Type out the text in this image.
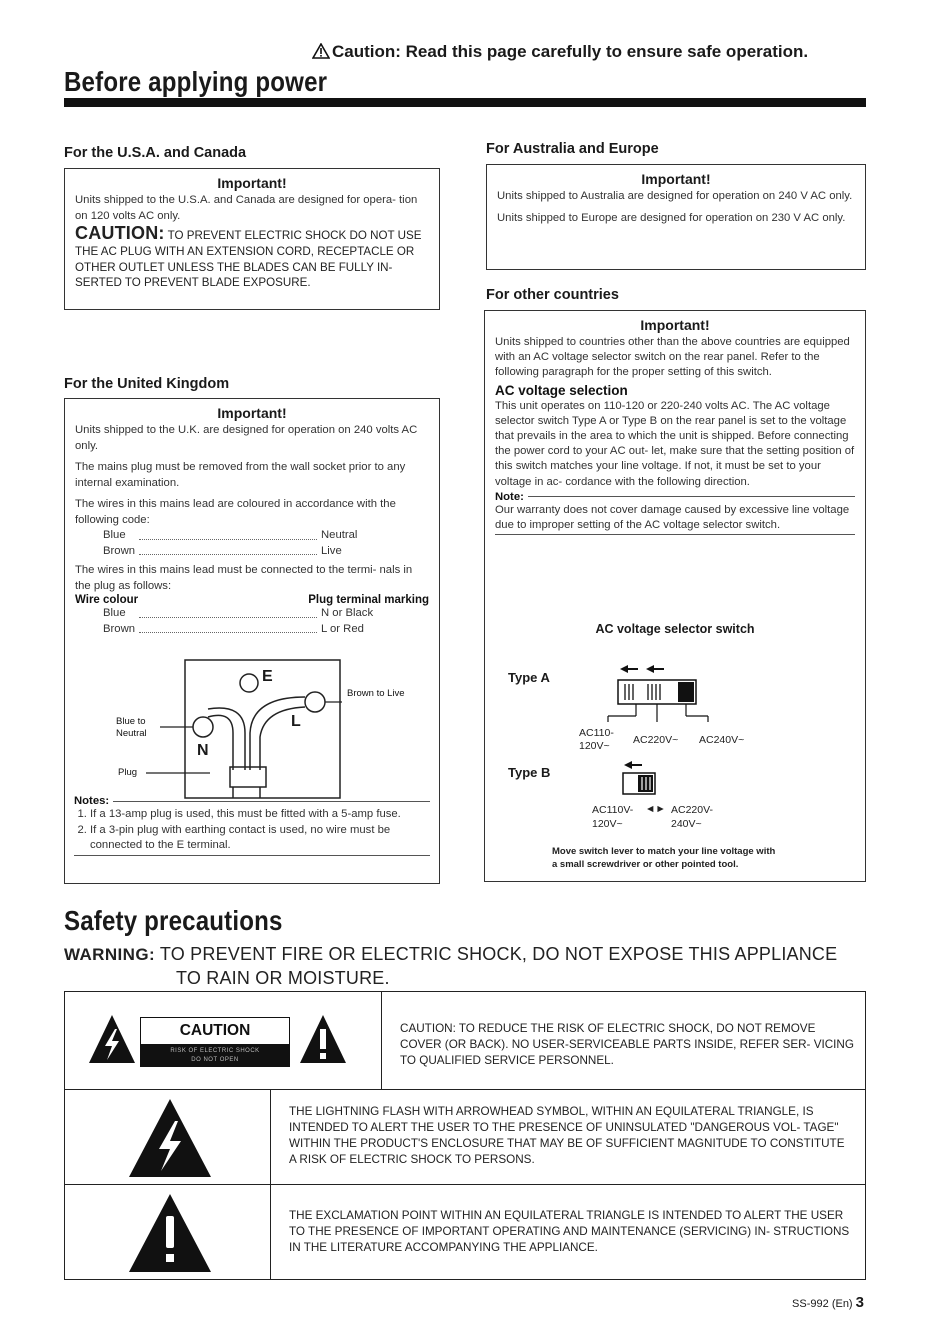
Caution: Read this page carefully to ensure safe operation.
Before applying power
For the U.S.A. and Canada
Important!

Units shipped to the U.S.A. and Canada are designed for opera- tion on 120 volts AC only.

CAUTION: TO PREVENT ELECTRIC SHOCK DO NOT USE THE AC PLUG WITH AN EXTENSION CORD, RECEPTACLE OR OTHER OUTLET UNLESS THE BLADES CAN BE FULLY IN- SERTED TO PREVENT BLADE EXPOSURE.
For the United Kingdom
Important!

Units shipped to the U.K. are designed for operation on 240 volts AC only.

The mains plug must be removed from the wall socket prior to any internal examination.

The wires in this mains lead are coloured in accordance with the following code:

Blue	Neutral
Brown	Live

The wires in this mains lead must be connected to the termi- nals in the plug as follows:

Wire colour	Plug terminal marking
Blue	N or Black
Brown	L or Red
E
L
N
Brown to Live
Blue to Neutral
Plug
Notes:
1. If a 13-amp plug is used, this must be fitted with a 5-amp fuse.
2. If a 3-pin plug with earthing contact is used, no wire must be connected to the E terminal.
For Australia and Europe
Important!

Units shipped to Australia are designed for operation on 240 V AC only.

Units shipped to Europe are designed for operation on 230 V AC only.

For other countries
Important!

Units shipped to countries other than the above countries are equipped with an AC voltage selector switch on the rear panel. Refer to the following paragraph for the proper setting of this switch.

AC voltage selection

This unit operates on 110-120 or 220-240 volts AC. The AC voltage selector switch Type A or Type B on the rear panel is set to the voltage that prevails in the area to which the unit is shipped. Before connecting the power cord to your AC out- let, make sure that the setting position of this switch matches your line voltage. If not, it must be set to your voltage in ac- cordance with the following direction.

Note:

Our warranty does not cover damage caused by excessive line voltage due to improper setting of the AC voltage selector switch.

AC voltage selector switch
Type A
AC110-
120V~	AC220V~ AC240V~
Type B
AC110V-
120V~
◄► AC220V-
240V~
Move switch lever to match your line voltage with
a small screwdriver or other pointed tool.
Safety precautions
WARNING: TO PREVENT FIRE OR ELECTRIC SHOCK, DO NOT EXPOSE THIS APPLIANCE
TO RAIN OR MOISTURE.
CAUTION
RISK OF ELECTRIC SHOCK
DO NOT OPEN
CAUTION: TO REDUCE THE RISK OF ELECTRIC SHOCK, DO NOT REMOVE COVER (OR BACK). NO USER-SERVICEABLE PARTS INSIDE, REFER SER- VICING TO QUALIFIED SERVICE PERSONNEL.
THE LIGHTNING FLASH WITH ARROWHEAD SYMBOL, WITHIN AN EQUILATERAL TRIANGLE, IS INTENDED TO ALERT THE USER TO THE PRESENCE OF UNINSULATED "DANGEROUS VOL- TAGE" WITHIN THE PRODUCT'S ENCLOSURE THAT MAY BE OF SUFFICIENT MAGNITUDE TO CONSTITUTE A RISK OF ELECTRIC SHOCK TO PERSONS.
THE EXCLAMATION POINT WITHIN AN EQUILATERAL TRIANGLE IS INTENDED TO ALERT THE USER TO THE PRESENCE OF IMPORTANT OPERATING AND MAINTENANCE (SERVICING) IN- STRUCTIONS IN THE LITERATURE ACCOMPANYING THE APPLIANCE.
SS-992 (En) 3
